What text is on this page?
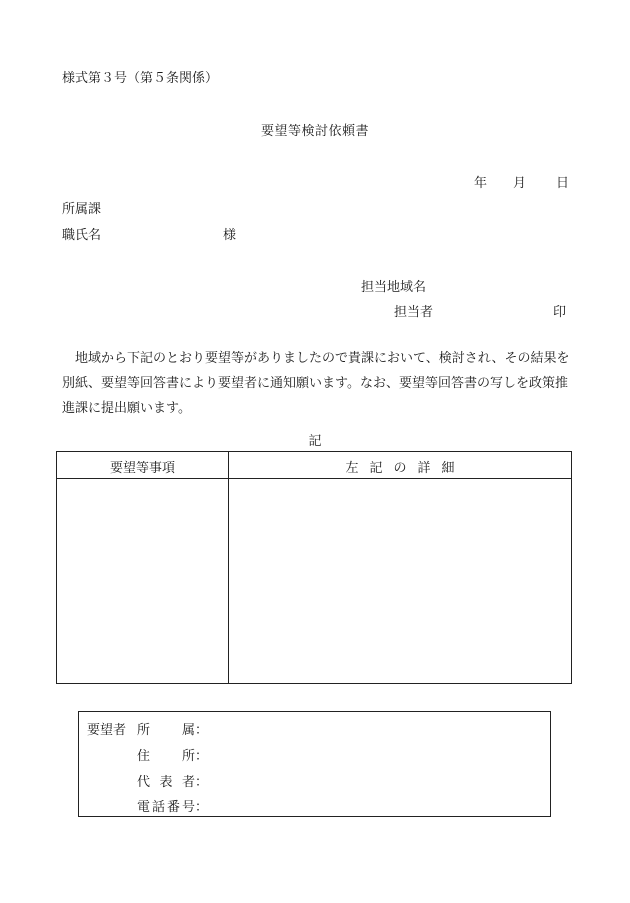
様式第３号（第５条関係）
要望等検討依頼書
年 月 日
所属課
職氏名	様
担当地域名
担当者	印
地域から下記のとおり要望等がありましたので貴課において、検討され、その結果を別紙、要望等回答書により要望者に通知願います。なお、要望等回答書の写しを政策推進課に提出願います。
記
要望等事項	左記の詳細
要望者 所属 ：
住所 ：
代表者 ：
電話番号 ：
